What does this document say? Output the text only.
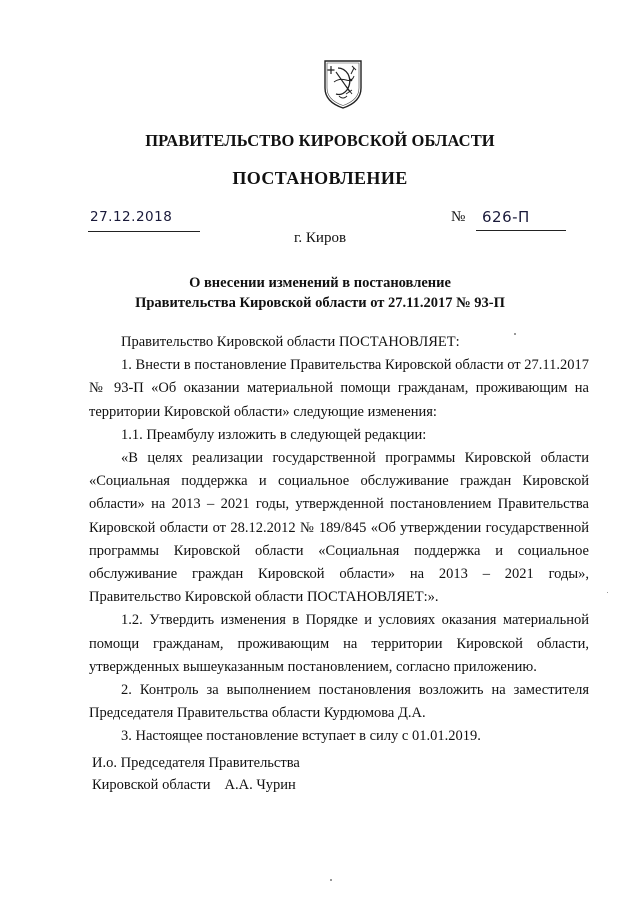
ПРАВИТЕЛЬСТВО КИРОВСКОЙ ОБЛАСТИ
ПОСТАНОВЛЕНИЕ
27.12.2018	№	626-П
г. Киров
О внесении изменений в постановление
Правительства Кировской области от 27.11.2017 № 93-П

Правительство Кировской области ПОСТАНОВЛЯЕТ:

1. Внести в постановление Правительства Кировской области от 27.11.2017 № 93-П «Об оказании материальной помощи гражданам, проживающим на территории Кировской области» следующие изменения:

1.1. Преамбулу изложить в следующей редакции:

«В целях реализации государственной программы Кировской области «Социальная поддержка и социальное обслуживание граждан Кировской области» на 2013 – 2021 годы, утвержденной постановлением Правительства Кировской области от 28.12.2012 № 189/845 «Об утверждении государственной программы Кировской области «Социальная поддержка и социальное обслуживание граждан Кировской области» на 2013 – 2021 годы», Правительство Кировской области ПОСТАНОВЛЯЕТ:».

1.2. Утвердить изменения в Порядке и условиях оказания материальной помощи гражданам, проживающим на территории Кировской области, утвержденных вышеуказанным постановлением, согласно приложению.

2. Контроль за выполнением постановления возложить на заместителя Председателя Правительства области Курдюмова Д.А.

3. Настоящее постановление вступает в силу с 01.01.2019.

И.о. Председателя Правительства
Кировской области А.А. Чурин
